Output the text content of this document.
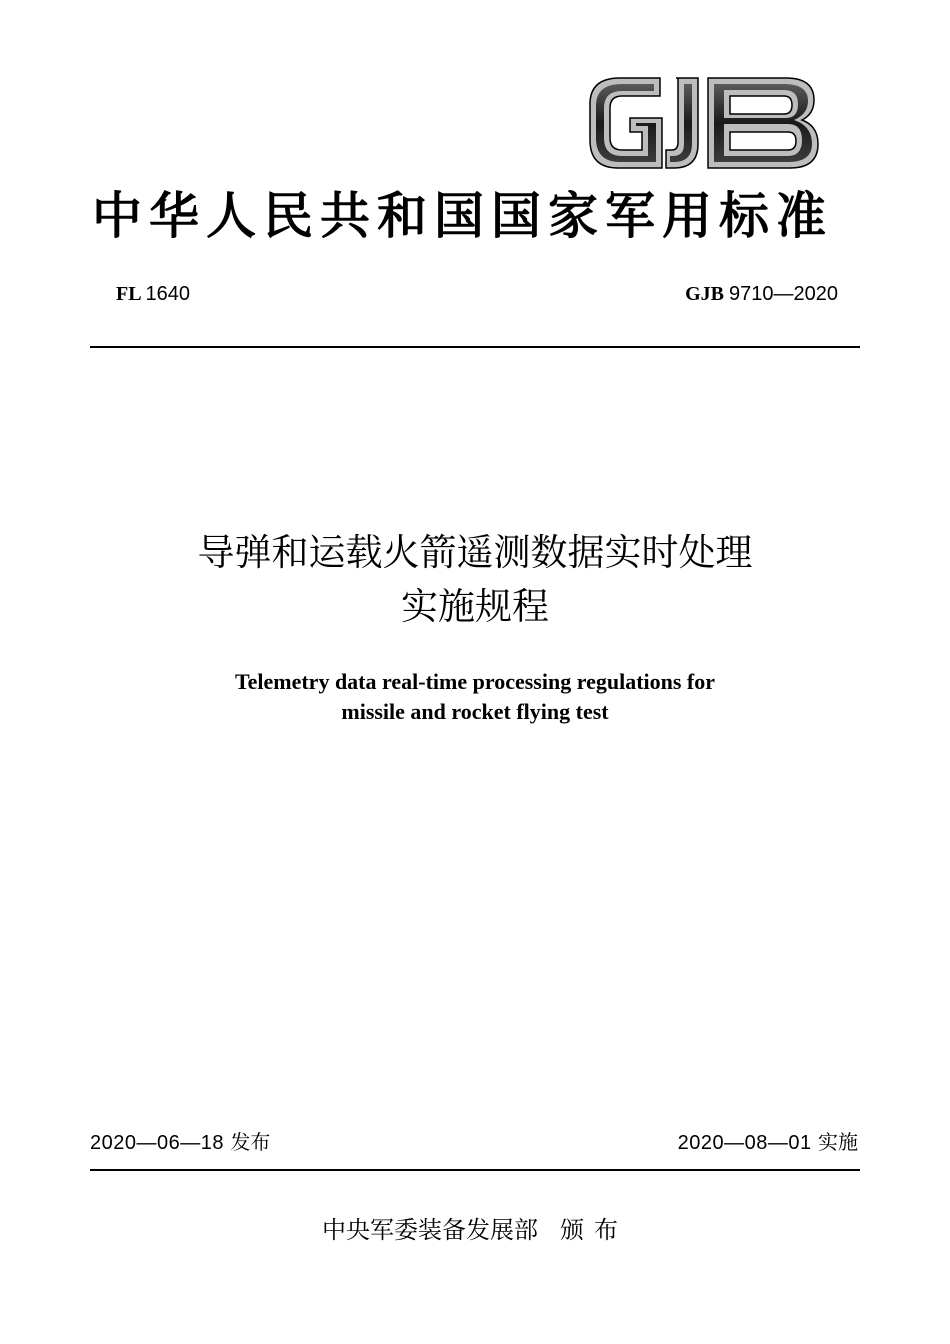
GJB
中华人民共和国国家军用标准
FL 1640	GJB 9710—2020
导弹和运载火箭遥测数据实时处理
实施规程
Telemetry data real-time processing regulations for
missile and rocket flying test
2020—06—18 发布	2020—08—01 实施
中央军委装备发展部 颁布
